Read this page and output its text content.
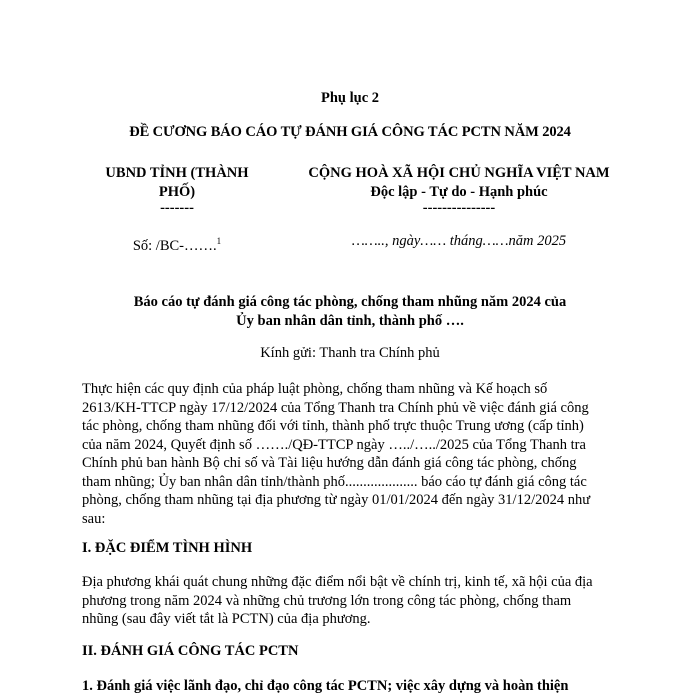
Phụ lục 2

ĐỀ CƯƠNG BÁO CÁO TỰ ĐÁNH GIÁ CÔNG TÁC PCTN NĂM 2024

UBND TỈNH (THÀNH
PHỐ)
-------
Số: /BC-…….$^1$
CỘNG HOÀ XÃ HỘI CHỦ NGHĨA VIỆT NAM
Độc lập - Tự do - Hạnh phúc
---------------
…….., ngày…… tháng……năm 2025
Báo cáo tự đánh giá công tác phòng, chống tham nhũng năm 2024 của
Ủy ban nhân dân tỉnh, thành phố ….

Kính gửi: Thanh tra Chính phủ

Thực hiện các quy định của pháp luật phòng, chống tham nhũng và Kế hoạch số
2613/KH-TTCP ngày 17/12/2024 của Tổng Thanh tra Chính phủ về việc đánh giá công
tác phòng, chống tham nhũng đối với tỉnh, thành phố trực thuộc Trung ương (cấp tỉnh)
của năm 2024, Quyết định số ……./QĐ-TTCP ngày …../…../2025 của Tổng Thanh tra
Chính phủ ban hành Bộ chỉ số và Tài liệu hướng dẫn đánh giá công tác phòng, chống
tham nhũng; Ủy ban nhân dân tỉnh/thành phố.................... báo cáo tự đánh giá công tác
phòng, chống tham nhũng tại địa phương từ ngày 01/01/2024 đến ngày 31/12/2024 như
sau:

I. ĐẶC ĐIỂM TÌNH HÌNH

Địa phương khái quát chung những đặc điểm nổi bật về chính trị, kinh tế, xã hội của địa
phương trong năm 2024 và những chủ trương lớn trong công tác phòng, chống tham
nhũng (sau đây viết tắt là PCTN) của địa phương.

II. ĐÁNH GIÁ CÔNG TÁC PCTN

1. Đánh giá việc lãnh đạo, chỉ đạo công tác PCTN; việc xây dựng và hoàn thiện
